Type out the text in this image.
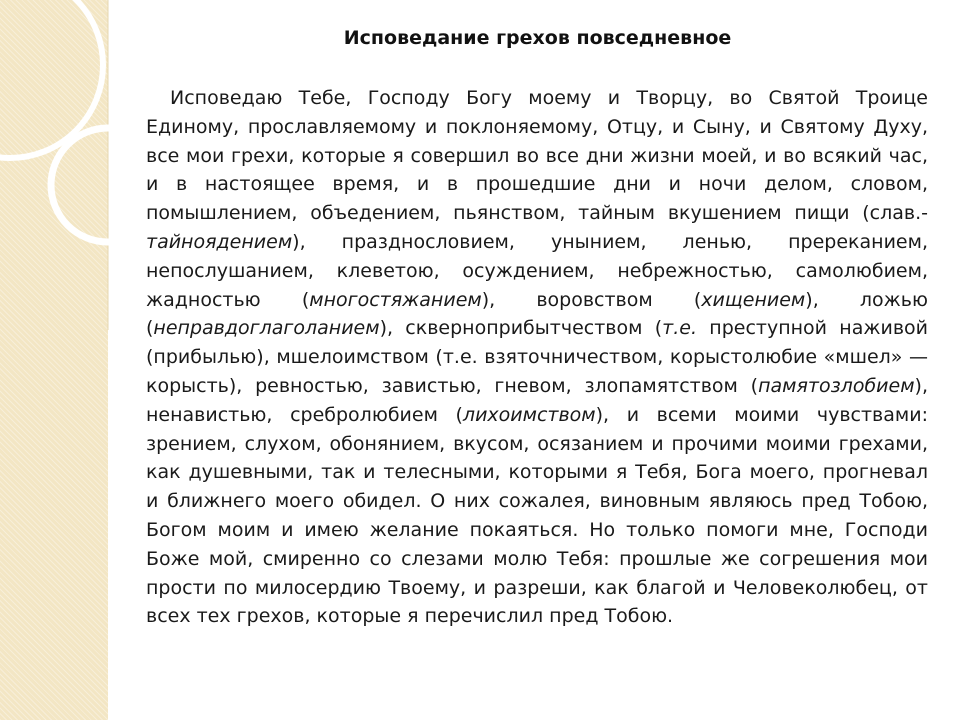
Исповедание грехов повседневное

Исповедаю Тебе, Господу Богу моему и Творцу, во Святой Троице Единому, прославляемому и поклоняемому, Отцу, и Сыну, и Святому Духу, все мои грехи, которые я совершил во все дни жизни моей, и во всякий час, и в настоящее время, и в прошедшие дни и ночи делом, словом, помышлением, объедением, пьянством, тайным вкушением пищи (слав.-тайноядением), празднословием, унынием, ленью, пререканием, непослушанием, клеветою, осуждением, небрежностью, самолюбием, жадностью (многостяжанием), воровством (хищением), ложью (неправдоглаголанием), скверноприбытчеством (т.е. преступной наживой (прибылью), мшелоимством (т.е. взяточничеством, корыстолюбие «мшел» — корысть), ревностью, завистью, гневом, злопамятством (памятозлобием), ненавистью, сребролюбием (лихоимством), и всеми моими чувствами: зрением, слухом, обонянием, вкусом, осязанием и прочими моими грехами, как душевными, так и телесными, которыми я Тебя, Бога моего, прогневал и ближнего моего обидел. О них сожалея, виновным являюсь пред Тобою, Богом моим и имею желание покаяться. Но только помоги мне, Господи Боже мой, смиренно со слезами молю Тебя: прошлые же согрешения мои прости по милосердию Твоему, и разреши, как благой и Человеколюбец, от всех тех грехов, которые я перечислил пред Тобою.
